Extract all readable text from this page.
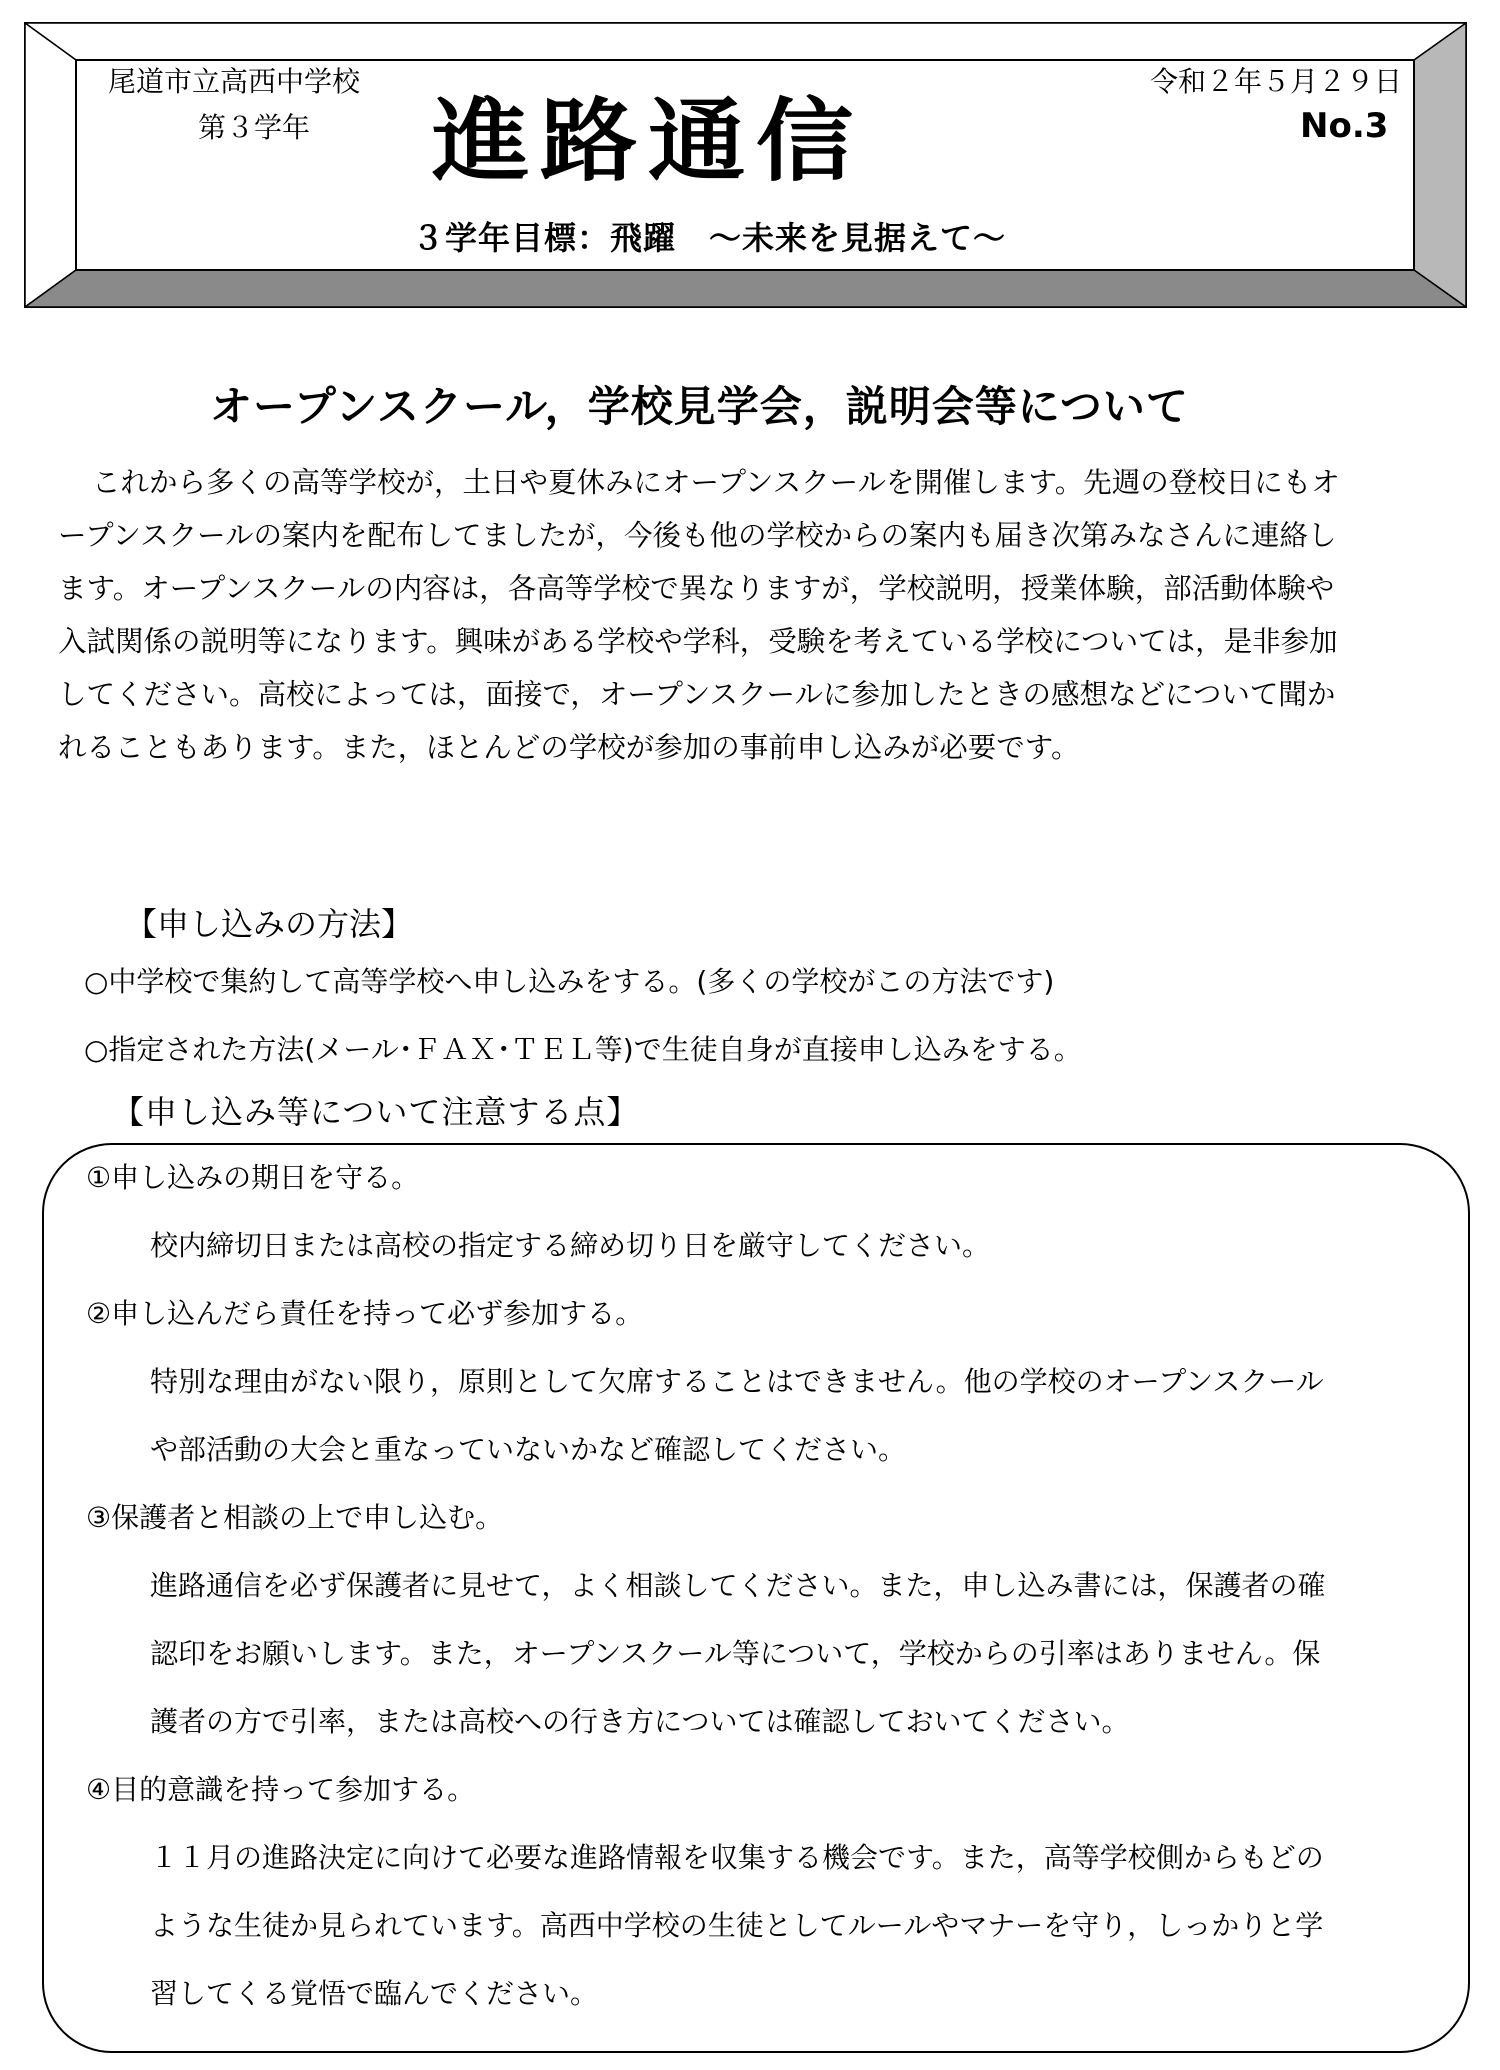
尾道市立高西中学校
第３学年 進路通信
令和２年５月２９日
No.3
３学年目標：飛躍　～未来を見据えて～
オープンスクール，学校見学会，説明会等について

これから多くの高等学校が，土日や夏休みにオープンスクールを開催します。先週の登校日にもオ

ープンスクールの案内を配布してましたが，今後も他の学校からの案内も届き次第みなさんに連絡し

ます。オープンスクールの内容は，各高等学校で異なりますが，学校説明，授業体験，部活動体験や

入試関係の説明等になります。興味がある学校や学科，受験を考えている学校については，是非参加

してください。高校によっては，面接で，オープンスクールに参加したときの感想などについて聞か

れることもあります。また，ほとんどの学校が参加の事前申し込みが必要です。

【申し込みの方法】
○中学校で集約して高等学校へ申し込みをする。(多くの学校がこの方法です)
○指定された方法(メール･ＦＡＸ･ＴＥＬ等)で生徒自身が直接申し込みをする。
【申し込み等について注意する点】
①申し込みの期日を守る。
校内締切日または高校の指定する締め切り日を厳守してください。
②申し込んだら責任を持って必ず参加する。
特別な理由がない限り，原則として欠席することはできません。他の学校のオープンスクール
や部活動の大会と重なっていないかなど確認してください。
③保護者と相談の上で申し込む。
進路通信を必ず保護者に見せて，よく相談してください。また，申し込み書には，保護者の確
認印をお願いします。また，オープンスクール等について，学校からの引率はありません。保
護者の方で引率，または高校への行き方については確認しておいてください。
④目的意識を持って参加する。
１１月の進路決定に向けて必要な進路情報を収集する機会です。また，高等学校側からもどの
ような生徒か見られています。高西中学校の生徒としてルールやマナーを守り，しっかりと学
習してくる覚悟で臨んでください。
